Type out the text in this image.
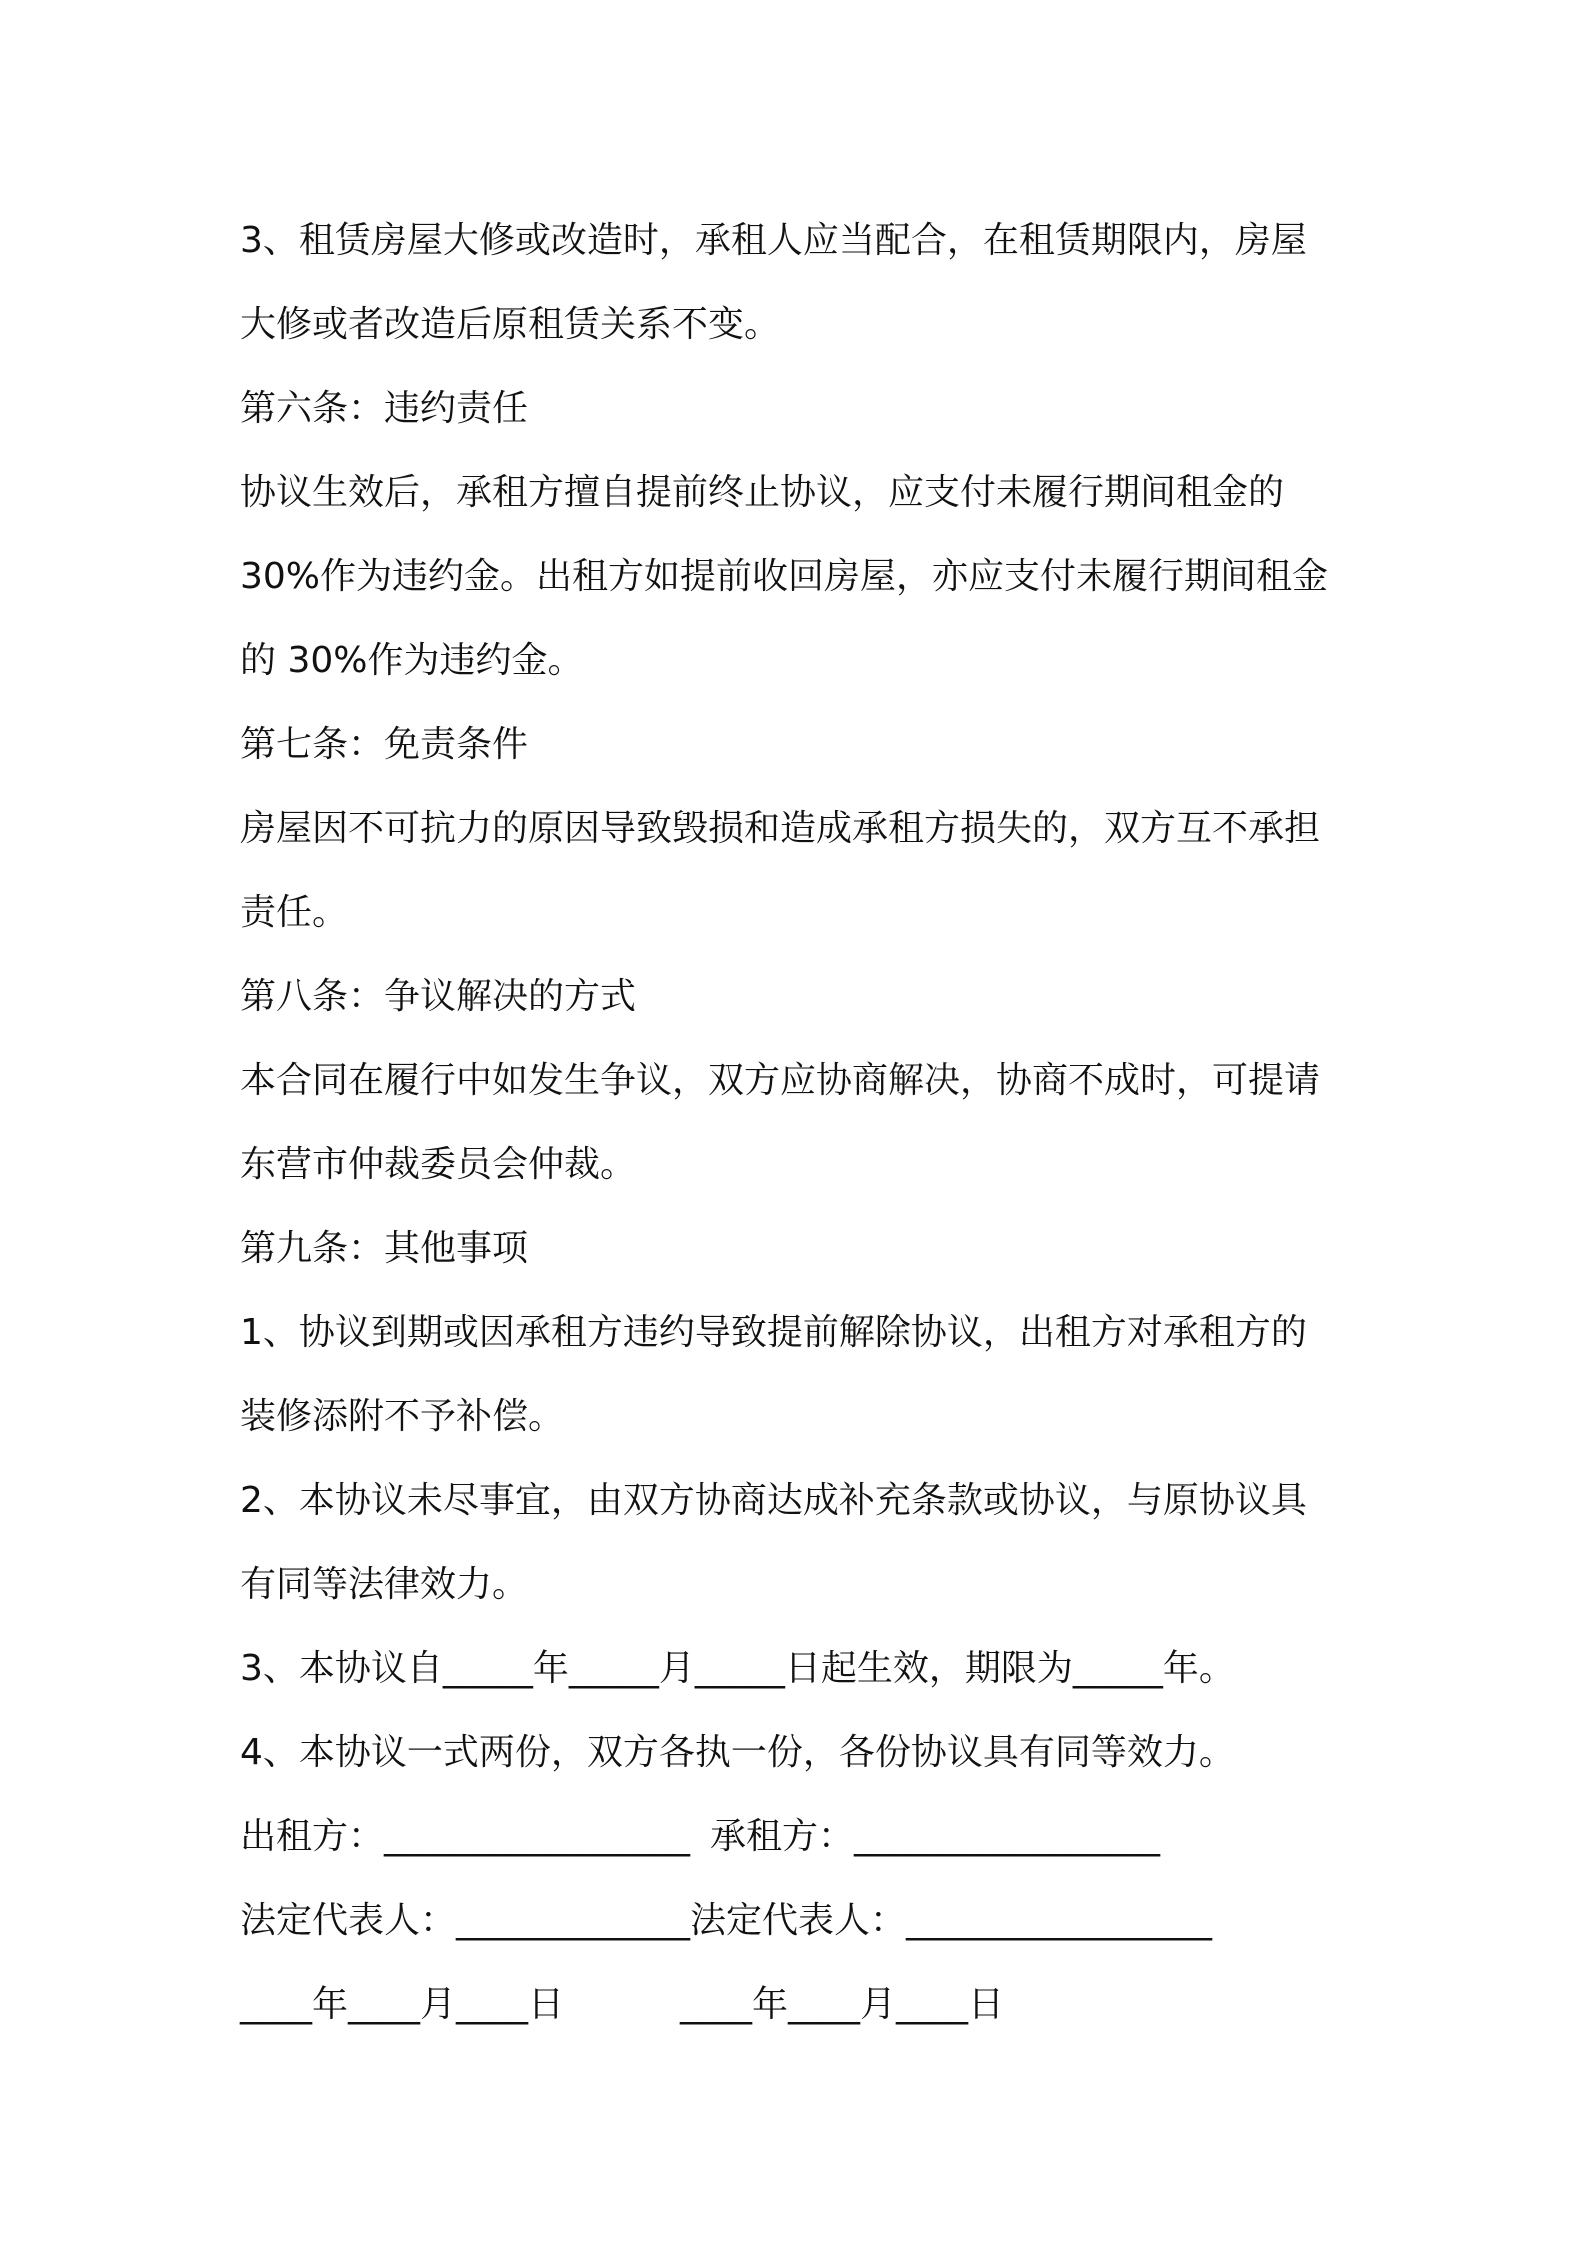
3、租赁房屋大修或改造时，承租人应当配合，在租赁期限内，房屋
大修或者改造后原租赁关系不变。
第六条：违约责任
协议生效后，承租方擅自提前终止协议，应支付未履行期间租金的
30%作为违约金。出租方如提前收回房屋，亦应支付未履行期间租金
的 30%作为违约金。
第七条：免责条件
房屋因不可抗力的原因导致毁损和造成承租方损失的，双方互不承担
责任。
第八条：争议解决的方式
本合同在履行中如发生争议，双方应协商解决，协商不成时，可提请
东营市仲裁委员会仲裁。
第九条：其他事项
1、协议到期或因承租方违约导致提前解除协议，出租方对承租方的
装修添附不予补偿。
2、本协议未尽事宜，由双方协商达成补充条款或协议，与原协议具
有同等法律效力。
3、本协议自_____年_____月_____日起生效，期限为_____年。
4、本协议一式两份，双方各执一份，各份协议具有同等效力。
出租方：_________________ 承租方：_________________
法定代表人：_____________ 法定代表人：_________________
____年____月____日	____年____月____日
